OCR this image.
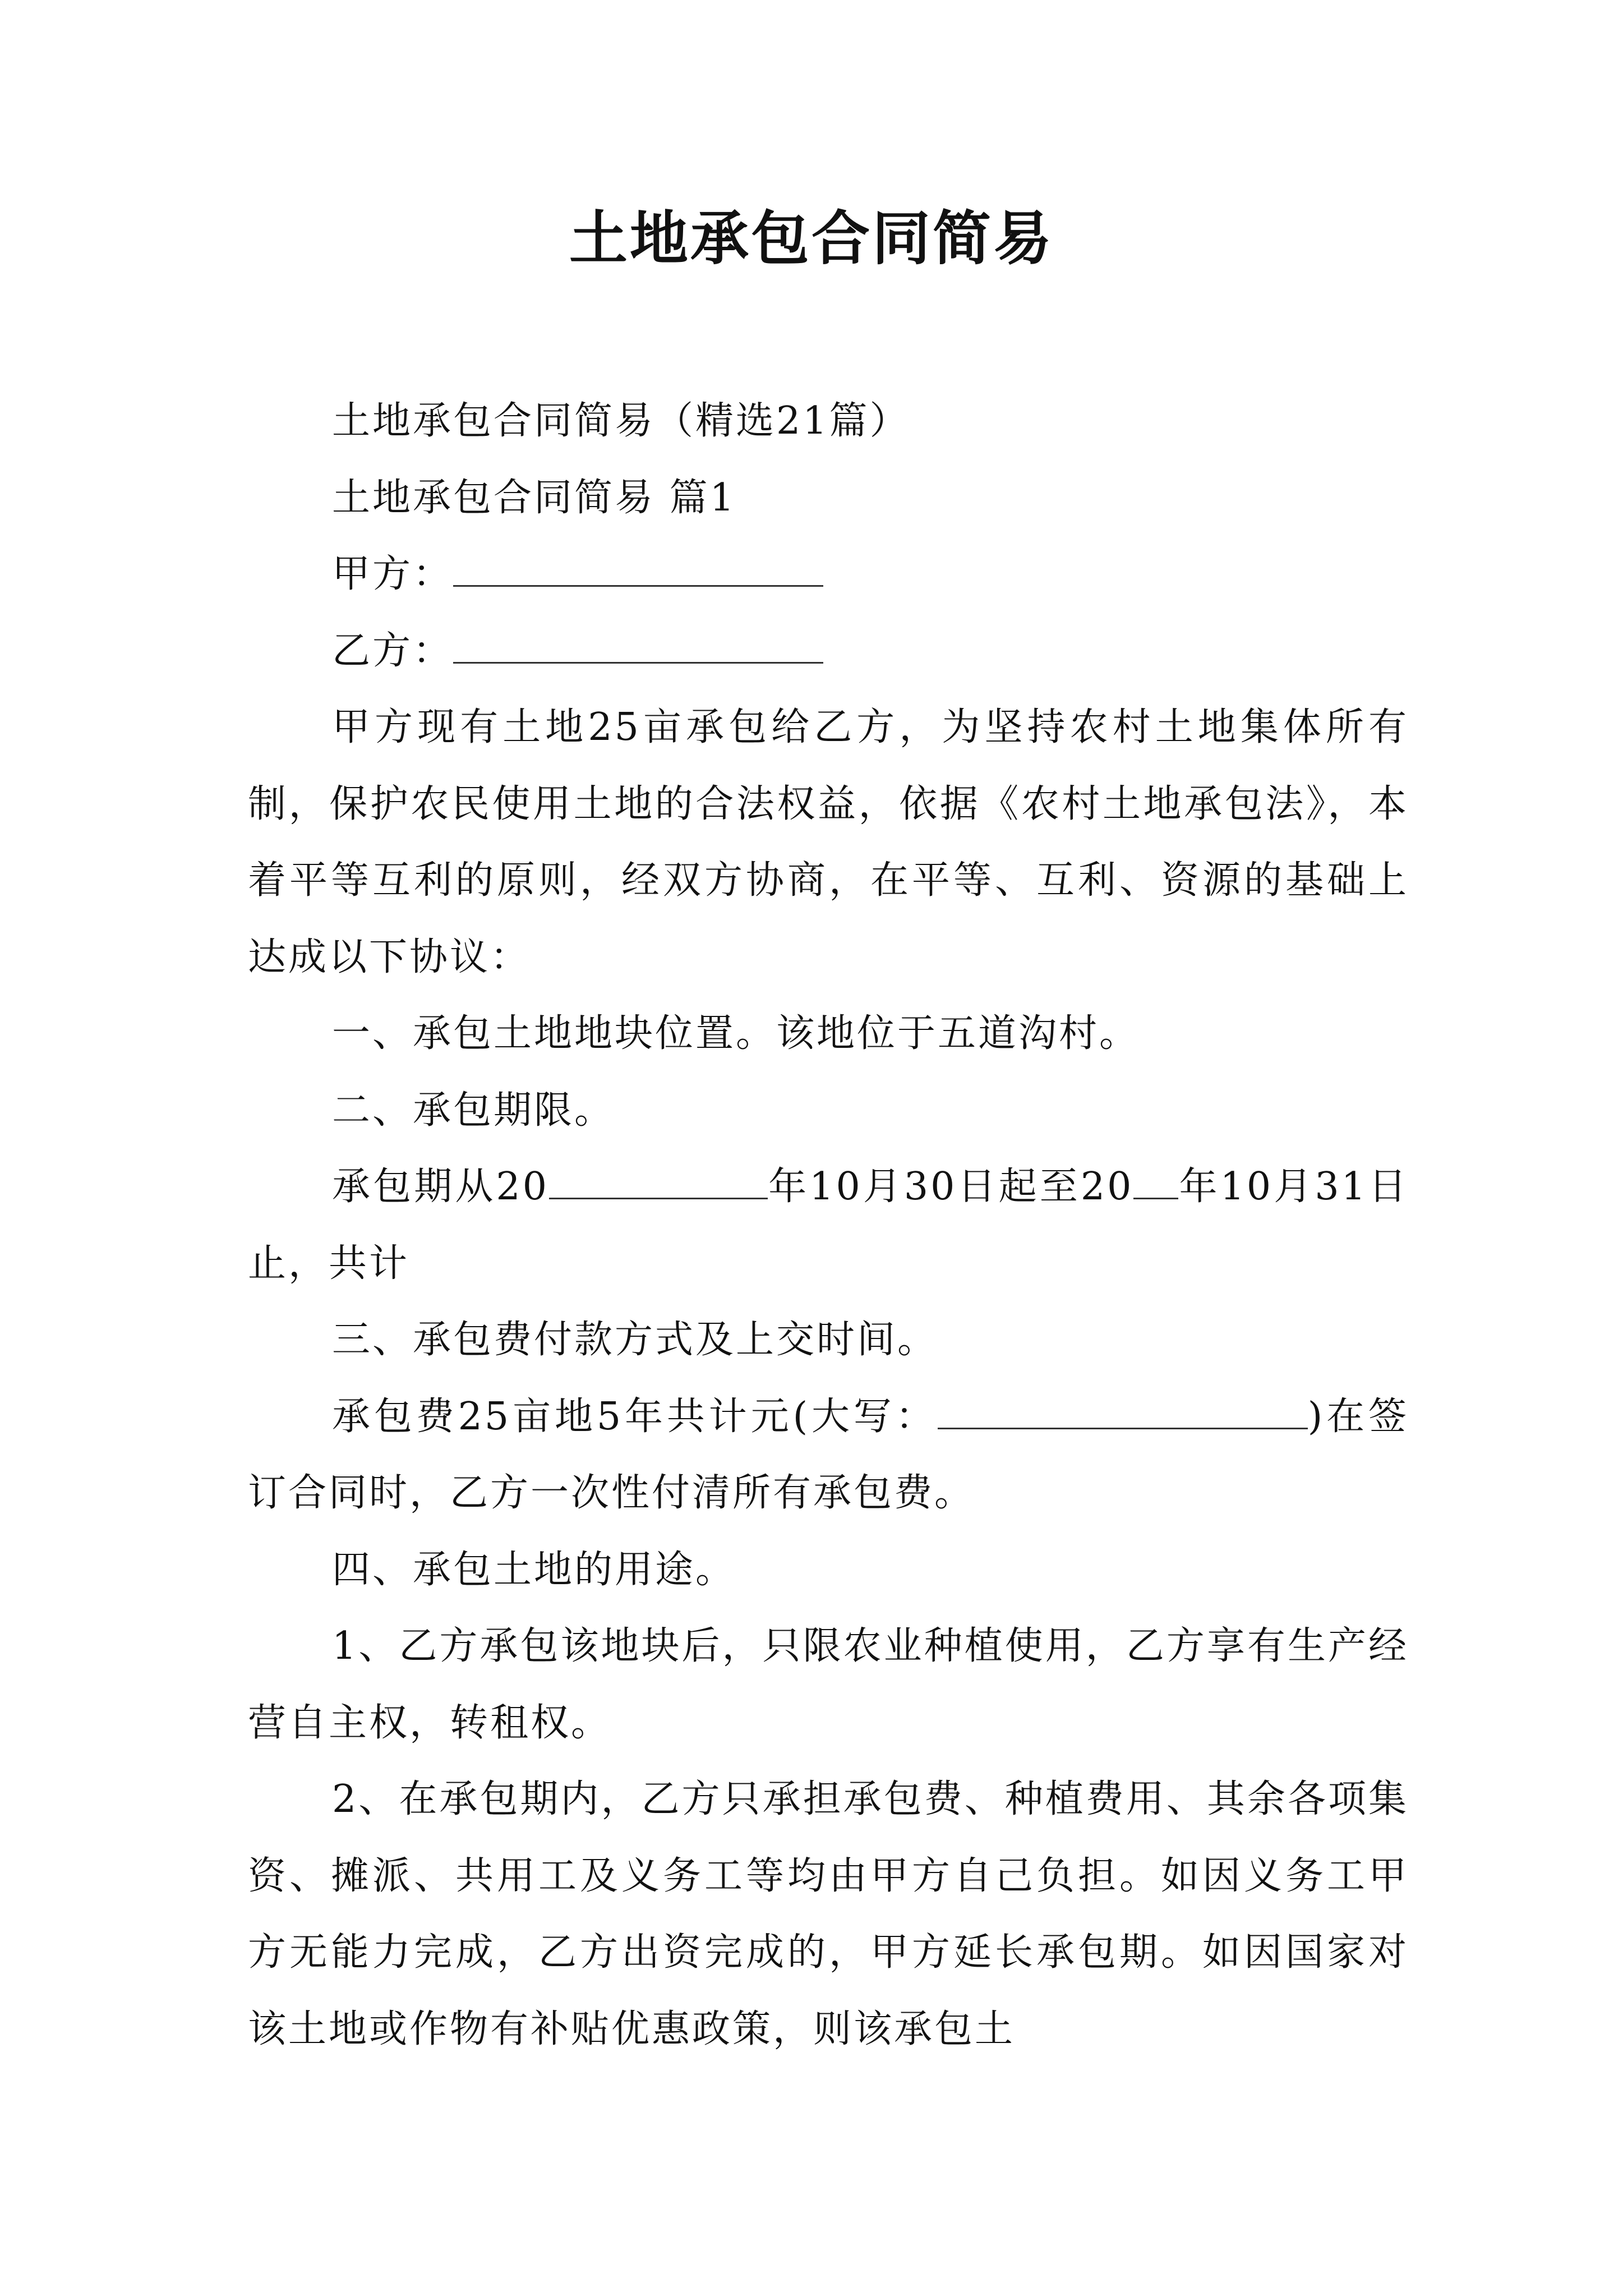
土地承包合同简易

土地承包合同简易（精选21篇）

土地承包合同简易 篇1

甲方：

乙方：

甲方现有土地25亩承包给乙方，为坚持农村土地集体所有制，保护农民使用土地的合法权益，依据《农村土地承包法》，本着平等互利的原则，经双方协商，在平等、互利、资源的基础上达成以下协议：

一、承包土地地块位置。该地位于五道沟村。

二、承包期限。

承包期从20	年10月30日起至20 年10月31日止，共计

三、承包费付款方式及上交时间。

承包费25亩地5年共计元(大写：	)在签订合同时，乙方一次性付清所有承包费。

四、承包土地的用途。

1、乙方承包该地块后，只限农业种植使用，乙方享有生产经营自主权，转租权。

2、在承包期内，乙方只承担承包费、种植费用、其余各项集资、摊派、共用工及义务工等均由甲方自己负担。如因义务工甲方无能力完成，乙方出资完成的，甲方延长承包期。如因国家对该土地或作物有补贴优惠政策，则该承包土
